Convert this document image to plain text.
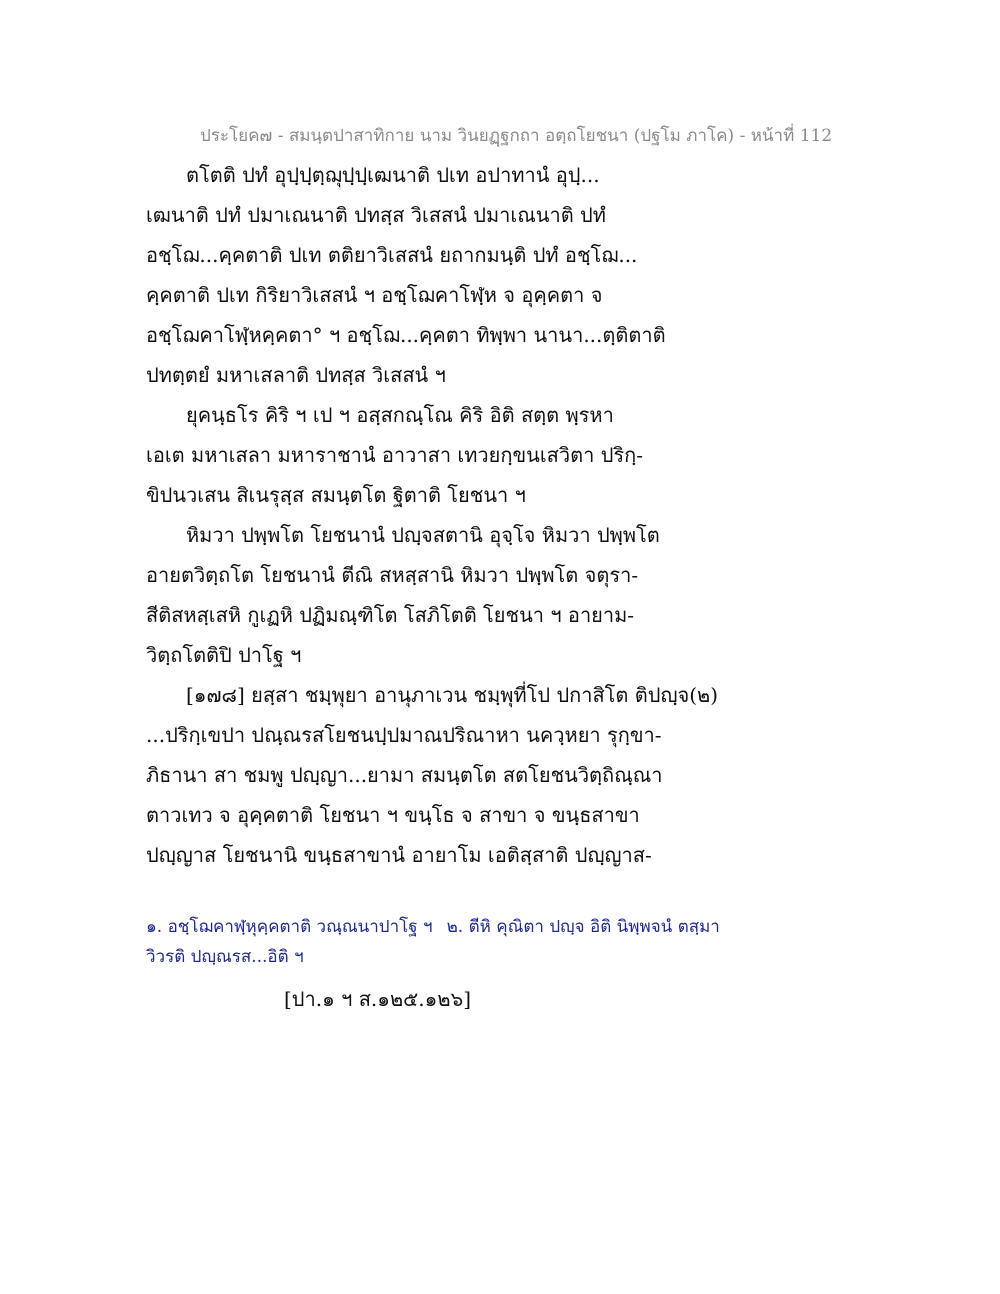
ประโยค๗ - สมนฺตปาสาทิกาย นาม วินยฏฺฐกถา อตฺถโยชนา (ปฐโม ภาโค) - หน้าที่ 112
ตโตติ ปทํ อุปฺปฺตฺฌุปฺปฺเฒนาติ ปเท อปาทานํ อุปฺ...
เฒนาติ ปทํ ปมาเณนาติ ปทสฺส วิเสสนํ ปมาเณนาติ ปทํ
อชฺโฌ...คฺคตาติ ปเท ตติยาวิเสสนํ ยถากมนฺติ ปทํ อชฺโฌ...
คฺคตาติ ปเท กิริยาวิเสสนํ ฯ อชฺโฌคาโฬฺห จ อุคฺคตา จ
อชฺโฌคาโฬฺหคฺคตา° ฯ อชฺโฌ...คฺคตา ทิพฺพา นานา...ตฺติตาติ
ปทตฺตยํ มหาเสลาติ ปทสฺส วิเสสนํ ฯ
ยุคนฺธโร คิริ ฯ เป ฯ อสฺสกณฺโณ คิริ อิติ สตฺต พฺรหา
เอเต มหาเสลา มหาราชานํ อาวาสา เทวยกฺขนเสวิตา ปริกฺ-
ขิปนวเสน สิเนรุสฺส สมนฺตโต ฐิตาติ โยชนา ฯ
หิมวา ปพฺพโต โยชนานํ ปญฺจสตานิ อุจฺโจ หิมวา ปพฺพโต
อายตวิตฺถโต โยชนานํ ตีณิ สหสฺสานิ หิมวา ปพฺพโต จตุรา-
สีติสหสฺเสหิ กูเฏหิ ปฏิมณฺฑิโต โสภิโตติ โยชนา ฯ อายาม-
วิตฺถโตติปิ ปาโฐ ฯ
[๑๗๘] ยสฺสา ชมฺพุยา อานุภาเวน ชมฺพุที่โป ปกาสิโต ติปญฺจ(๒)
...ปริกฺเขปา ปณฺณรสโยชนปฺปมาณปริณาหา นควฺหยา รุกฺขา-
ภิธานา สา ชมพู ปญฺญา...ยามา สมนฺตโต สตโยชนวิตฺถิณฺณา
ตาวเทว จ อุคฺคตาติ โยชนา ฯ ขนฺโธ จ สาขา จ ขนฺธสาขา
ปญฺญาส โยชนานิ ขนฺธสาขานํ อายาโม เอติสฺสาติ ปญฺญาส-
๑. อชฺโฌคาฬฺหุคฺคตาติ วณฺณนาปาโฐ ฯ ๒. ตีหิ คุณิตา ปญฺจ อิติ นิพฺพจนํ ตสฺมา
วิวรติ ปญฺณรส...อิติ ฯ
[ปา.๑ ฯ ส.๑๒๕.๑๒๖]
